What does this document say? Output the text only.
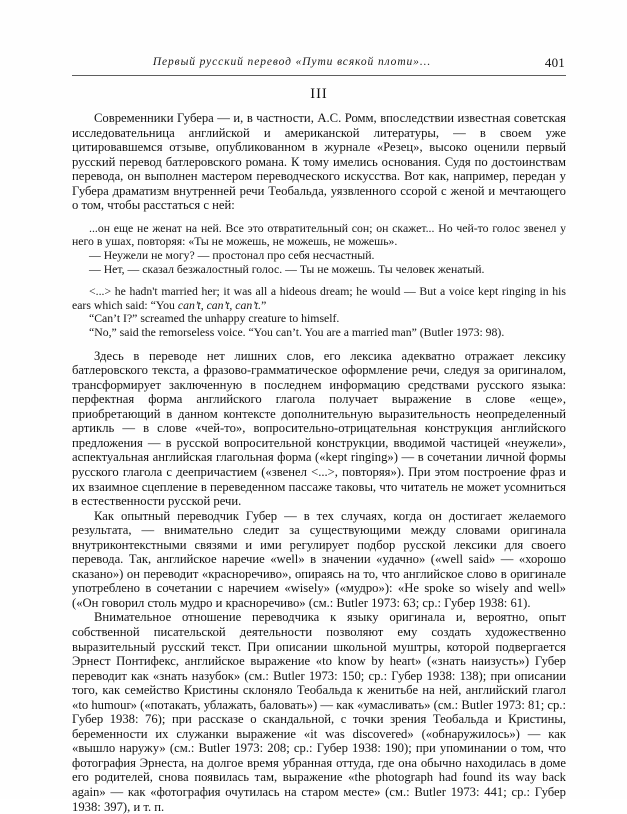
Первый русский перевод «Пути всякой плоти»...	401
III

Современники Губера — и, в частности, А.С. Ромм, впоследствии известная советская исследовательница английской и американской литературы, — в своем уже цитировавшемся отзыве, опубликованном в журнале «Резец», высоко оценили первый русский перевод батлеровского романа. К тому имелись основания. Судя по достоинствам перевода, он выполнен мастером переводческого искусства. Вот как, например, передан у Губера драматизм внутренней речи Теобальда, уязвленного ссорой с женой и мечтающего о том, чтобы расстаться с ней:

...он еще не женат на ней. Все это отвратительный сон; он скажет... Но чей-то голос звенел у него в ушах, повторяя: «Ты не можешь, не можешь, не можешь».

— Неужели не могу? — простонал про себя несчастный.

— Нет, — сказал безжалостный голос. — Ты не можешь. Ты человек женатый.

<...> he hadn't married her; it was all a hideous dream; he would — But a voice kept ringing in his ears which said: “You can’t, can’t, can’t.”

“Can’t I?” screamed the unhappy creature to himself.

“No,” said the remorseless voice. “You can’t. You are a married man” (Butler 1973: 98).

Здесь в переводе нет лишних слов, его лексика адекватно отражает лексику батлеровского текста, а фразово-грамматическое оформление речи, следуя за оригиналом, трансформирует заключенную в последнем информацию средствами русского языка: перфектная форма английского глагола получает выражение в слове «еще», приобретающий в данном контексте дополнительную выразительность неопределенный артикль — в слове «чей-то», вопросительно-отрицательная конструкция английского предложения — в русской вопросительной конструкции, вводимой частицей «неужели», аспектуальная английская глагольная форма («kept ringing») — в сочетании личной формы русского глагола с деепричастием («звенел <...>, повторяя»). При этом построение фраз и их взаимное сцепление в переведенном пассаже таковы, что читатель не может усомниться в естественности русской речи.

Как опытный переводчик Губер — в тех случаях, когда он достигает желаемого результата, — внимательно следит за существующими между словами оригинала внутриконтекстными связями и ими регулирует подбор русской лексики для своего перевода. Так, английское наречие «well» в значении «удачно» («well said» — «хорошо сказано») он переводит «красноречиво», опираясь на то, что английское слово в оригинале употреблено в сочетании с наречием «wisely» («мудро»): «He spoke so wisely and well» («Он говорил столь мудро и красноречиво» (см.: Butler 1973: 63; ср.: Губер 1938: 61).

Внимательное отношение переводчика к языку оригинала и, вероятно, опыт собственной писательской деятельности позволяют ему создать художественно выразительный русский текст. При описании школьной муштры, которой подвергается Эрнест Понтифекс, английское выражение «to know by heart» («знать наизусть») Губер переводит как «знать назубок» (см.: Butler 1973: 150; ср.: Губер 1938: 138); при описании того, как семейство Кристины склоняло Теобальда к женитьбе на ней, английский глагол «to humour» («потакать, ублажать, баловать») — как «умасливать» (см.: Butler 1973: 81; ср.: Губер 1938: 76); при рассказе о скандальной, с точки зрения Теобальда и Кристины, беременности их служанки выражение «it was discovered» («обнаружилось») — как «вышло наружу» (см.: Butler 1973: 208; ср.: Губер 1938: 190); при упоминании о том, что фотография Эрнеста, на долгое время убранная оттуда, где она обычно находилась в доме его родителей, снова появилась там, выражение «the photograph had found its way back again» — как «фотография очутилась на старом месте» (см.: Butler 1973: 441; ср.: Губер 1938: 397), и т. п.
